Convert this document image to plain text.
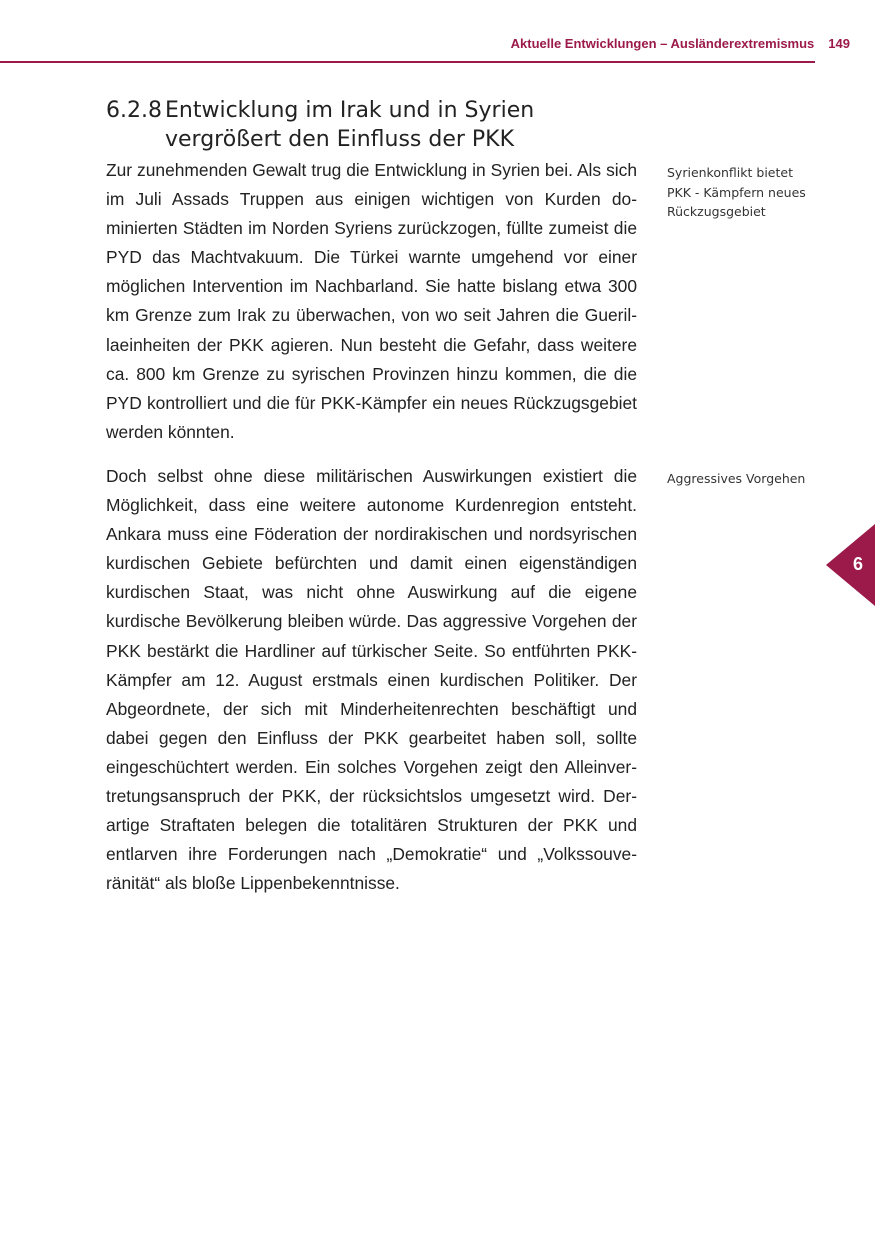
Aktuelle Entwicklungen – Ausländerextremismus 149
6.2.8 Entwicklung im Irak und in Syrien
vergrößert den Einfluss der PKK

Zur zunehmenden Gewalt trug die Entwicklung in Syrien bei. Als sich im Juli Assads Truppen aus einigen wichtigen von Kurden dominierten Städten im Norden Syriens zurückzogen, füllte zumeist die PYD das Machtvakuum. Die Türkei warnte umgehend vor einer möglichen Intervention im Nachbarland. Sie hatte bislang etwa 300 km Grenze zum Irak zu überwachen, von wo seit Jahren die Guerillaeinheiten der PKK agieren. Nun besteht die Gefahr, dass weitere ca. 800 km Grenze zu syrischen Provinzen hinzu kommen, die die PYD kontrolliert und die für PKK-Kämpfer ein neues Rückzugsgebiet werden könnten.

Doch selbst ohne diese militärischen Auswirkungen existiert die Möglichkeit, dass eine weitere autonome Kurdenregion entsteht. Ankara muss eine Föderation der nordirakischen und nordsyrischen kurdischen Gebiete befürchten und damit einen eigenständigen kurdischen Staat, was nicht ohne Auswirkung auf die eigene kurdische Bevölkerung bleiben würde. Das aggressive Vorgehen der PKK bestärkt die Hardliner auf türkischer Seite. So entführten PKK-Kämpfer am 12. August erstmals einen kurdischen Politiker. Der Abgeordnete, der sich mit Minderheitenrechten beschäftigt und dabei gegen den Einfluss der PKK gearbeitet haben soll, sollte eingeschüchtert werden. Ein solches Vorgehen zeigt den Alleinvertretungsanspruch der PKK, der rücksichtslos umgesetzt wird. Derartige Straftaten belegen die totalitären Strukturen der PKK und entlarven ihre Forderungen nach „Demokratie“ und „Volkssouveränität“ als bloße Lippenbekenntnisse.

Syrienkonflikt bietet PKK - Kämpfern neues Rückzugsgebiet

Aggressives Vorgehen

6
